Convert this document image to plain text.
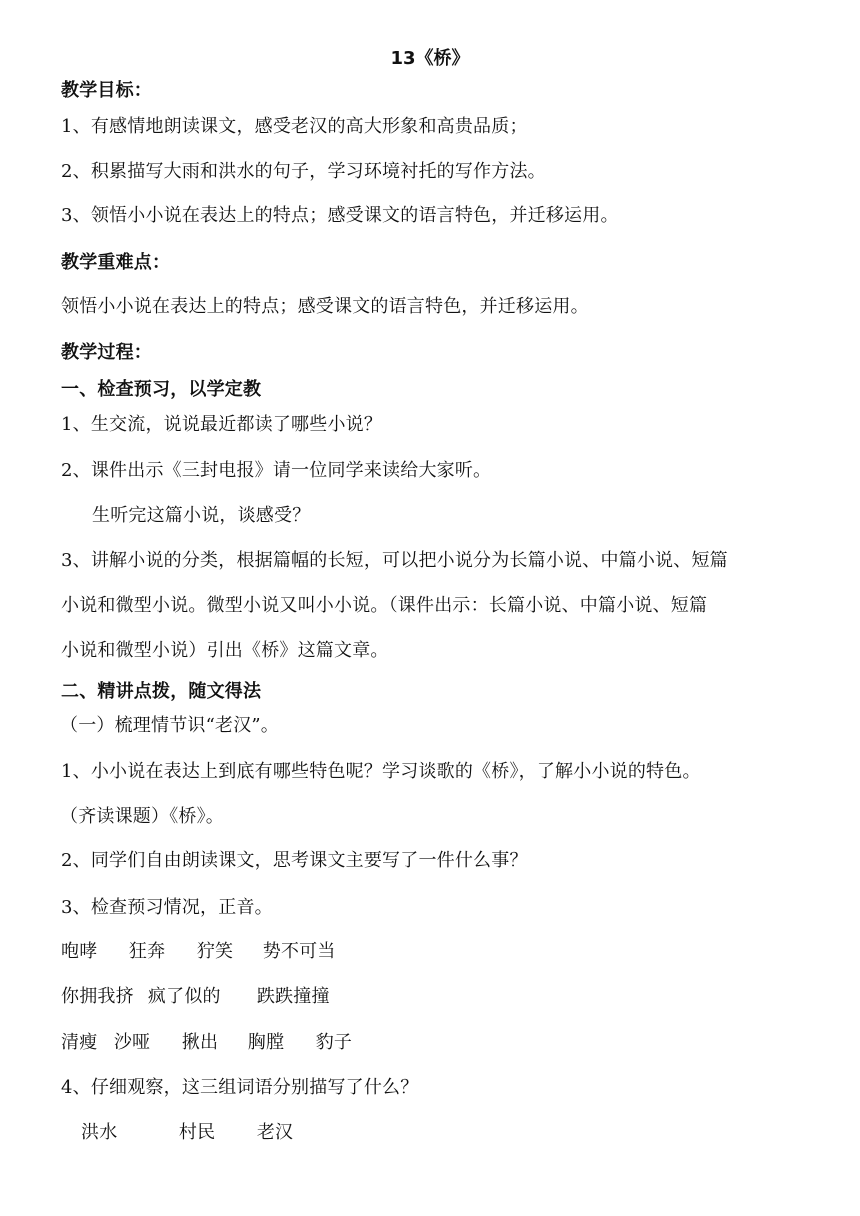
13《桥》
教学目标：
1、有感情地朗读课文，感受老汉的高大形象和高贵品质；
2、积累描写大雨和洪水的句子，学习环境衬托的写作方法。
3、领悟小小说在表达上的特点；感受课文的语言特色，并迁移运用。
教学重难点：
领悟小小说在表达上的特点；感受课文的语言特色，并迁移运用。
教学过程：
一、检查预习，以学定教
1、生交流，说说最近都读了哪些小说？
2、课件出示《三封电报》请一位同学来读给大家听。
生听完这篇小说，谈感受？
3、讲解小说的分类，根据篇幅的长短，可以把小说分为长篇小说、中篇小说、短篇
小说和微型小说。微型小说又叫小小说。（课件出示：长篇小说、中篇小说、短篇
小说和微型小说）引出《桥》这篇文章。
二、精讲点拨，随文得法
（一）梳理情节识“老汉”。
1、小小说在表达上到底有哪些特色呢？学习谈歌的《桥》，了解小小说的特色。
（齐读课题）《桥》。
2、同学们自由朗读课文，思考课文主要写了一件什么事？
3、检查预习情况，正音。
咆哮 狂奔 狞笑 势不可当
你拥我挤 疯了似的 跌跌撞撞
清瘦 沙哑 揪出 胸膛 豹子
4、仔细观察，这三组词语分别描写了什么？
洪水	村民 老汉
